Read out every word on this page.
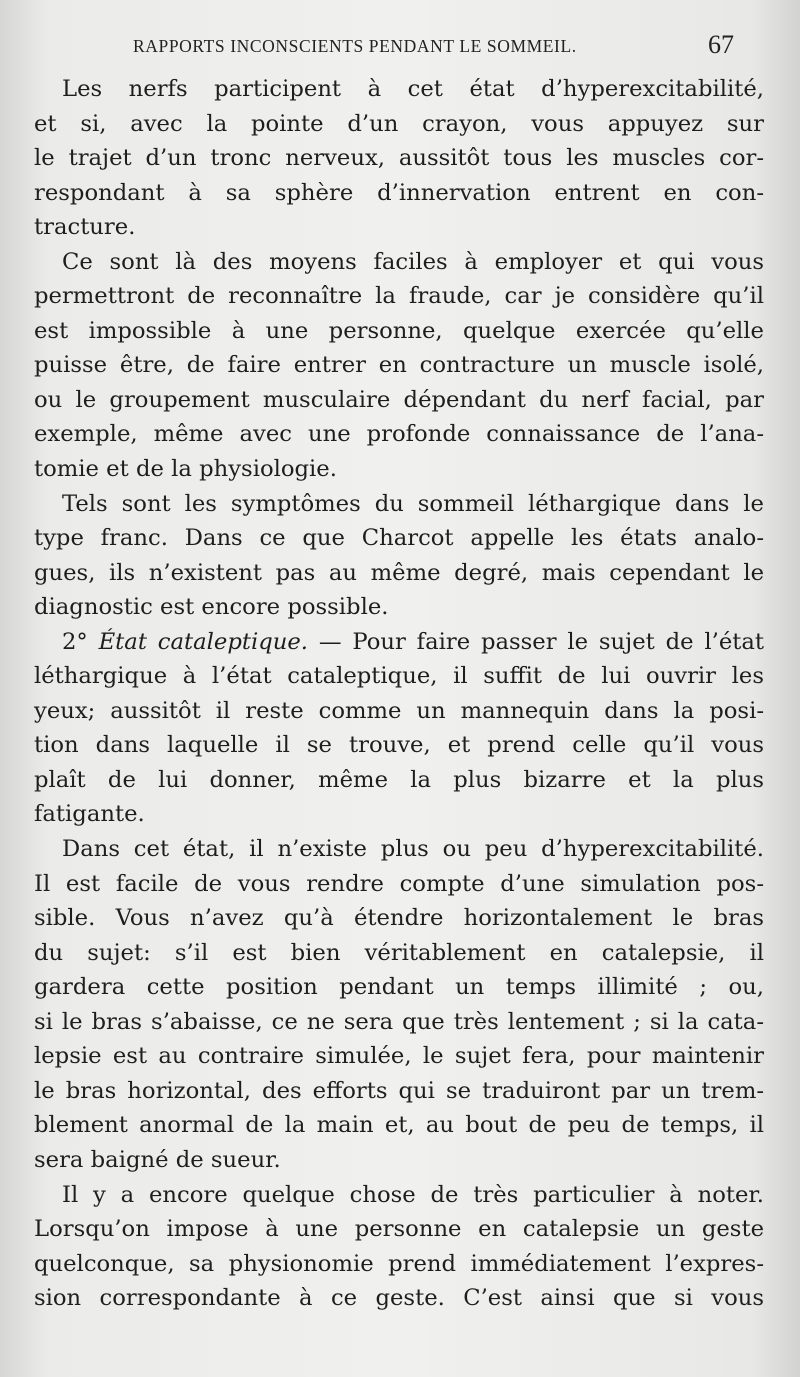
RAPPORTS INCONSCIENTS PENDANT LE SOMMEIL.	67

Les nerfs participent à cet état d’hyperexcitabilité,
et si, avec la pointe d’un crayon, vous appuyez sur
le trajet d’un tronc nerveux, aussitôt tous les muscles cor-
respondant à sa sphère d’innervation entrent en con-
tracture.

Ce sont là des moyens faciles à employer et qui vous
permettront de reconnaître la fraude, car je considère qu’il
est impossible à une personne, quelque exercée qu’elle
puisse être, de faire entrer en contracture un muscle isolé,
ou le groupement musculaire dépendant du nerf facial, par
exemple, même avec une profonde connaissance de l’ana-
tomie et de la physiologie.

Tels sont les symptômes du sommeil léthargique dans le
type franc. Dans ce que Charcot appelle les états analo-
gues, ils n’existent pas au même degré, mais cependant le
diagnostic est encore possible.

2° État cataleptique. — Pour faire passer le sujet de l’état
léthargique à l’état cataleptique, il suffit de lui ouvrir les
yeux; aussitôt il reste comme un mannequin dans la posi-
tion dans laquelle il se trouve, et prend celle qu’il vous
plaît de lui donner, même la plus bizarre et la plus
fatigante.

Dans cet état, il n’existe plus ou peu d’hyperexcitabilité.
Il est facile de vous rendre compte d’une simulation pos-
sible. Vous n’avez qu’à étendre horizontalement le bras
du sujet: s’il est bien véritablement en catalepsie, il
gardera cette position pendant un temps illimité ; ou,
si le bras s’abaisse, ce ne sera que très lentement ; si la cata-
lepsie est au contraire simulée, le sujet fera, pour maintenir
le bras horizontal, des efforts qui se traduiront par un trem-
blement anormal de la main et, au bout de peu de temps, il
sera baigné de sueur.

Il y a encore quelque chose de très particulier à noter.
Lorsqu’on impose à une personne en catalepsie un geste
quelconque, sa physionomie prend immédiatement l’expres-
sion correspondante à ce geste. C’est ainsi que si vous
